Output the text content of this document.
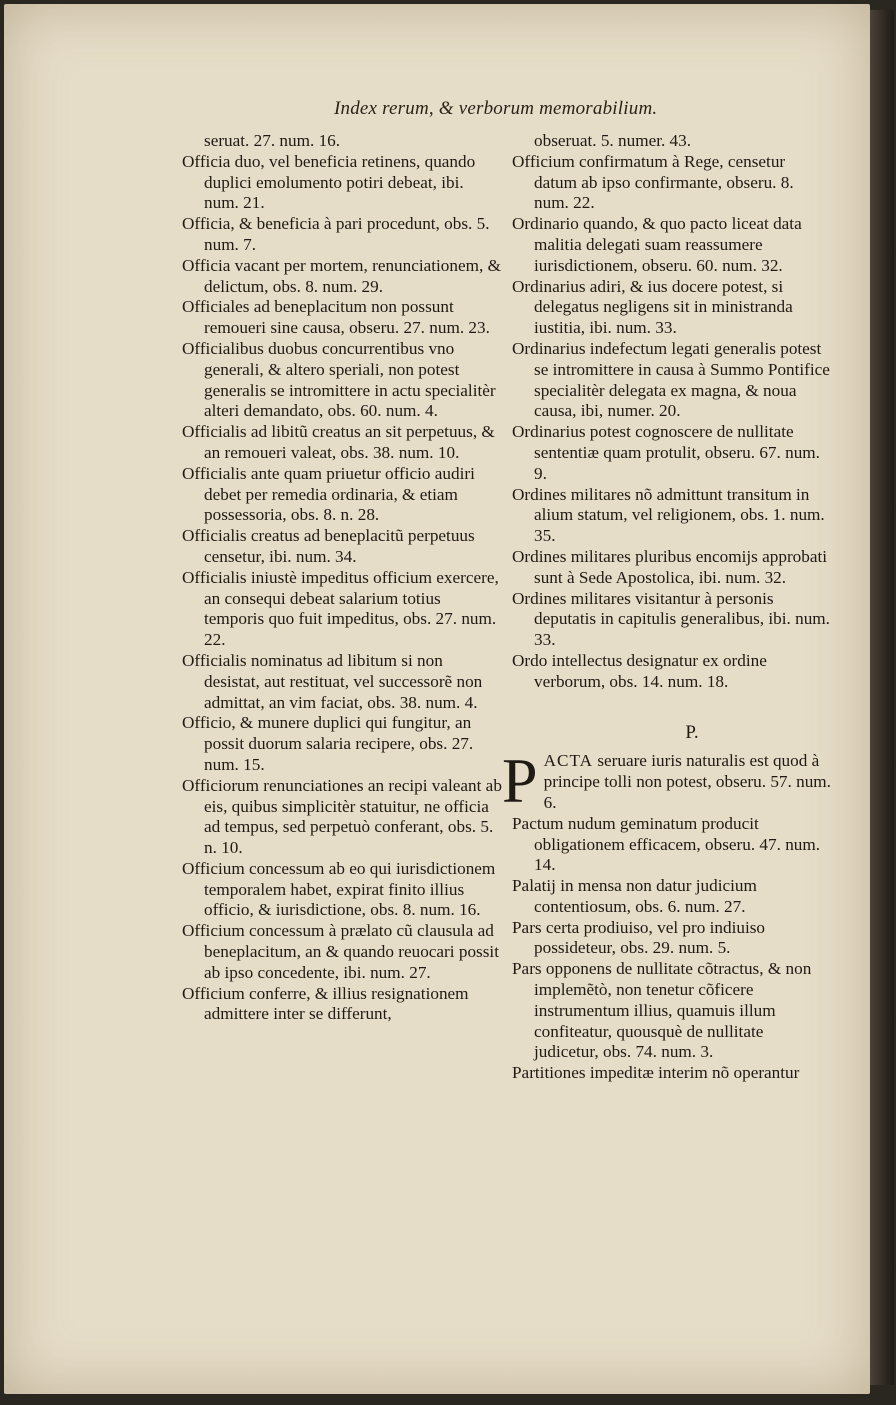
Index rerum, & verborum memorabilium.

seruat. 27. num. 16.

Officia duo, vel beneficia retinens, quando duplici emolumento potiri debeat, ibi. num. 21.

Officia, & beneficia à pari procedunt, obs. 5. num. 7.

Officia vacant per mortem, renunciationem, & delictum, obs. 8. num. 29.

Officiales ad beneplacitum non possunt remoueri sine causa, obseru. 27. num. 23.

Officialibus duobus concurrentibus vno generali, & altero speriali, non potest generalis se intromittere in actu specialitèr alteri demandato, obs. 60. num. 4.

Officialis ad libitũ creatus an sit perpetuus, & an remoueri valeat, obs. 38. num. 10.

Officialis ante quam priuetur officio audiri debet per remedia ordinaria, & etiam possessoria, obs. 8. n. 28.

Officialis creatus ad beneplacitũ perpetuus censetur, ibi. num. 34.

Officialis iniustè impeditus officium exercere, an consequi debeat salarium totius temporis quo fuit impeditus, obs. 27. num. 22.

Officialis nominatus ad libitum si non desistat, aut restituat, vel successorẽ non admittat, an vim faciat, obs. 38. num. 4.

Officio, & munere duplici qui fungitur, an possit duorum salaria recipere, obs. 27. num. 15.

Officiorum renunciationes an recipi valeant ab eis, quibus simplicitèr statuitur, ne officia ad tempus, sed perpetuò conferant, obs. 5. n. 10.

Officium concessum ab eo qui iurisdictionem temporalem habet, expirat finito illius officio, & iurisdictione, obs. 8. num. 16.

Officium concessum à prælato cũ clausula ad beneplacitum, an & quando reuocari possit ab ipso concedente, ibi. num. 27.

Officium conferre, & illius resignationem admittere inter se differunt,

obseruat. 5. numer. 43.

Officium confirmatum à Rege, censetur datum ab ipso confirmante, obseru. 8. num. 22.

Ordinario quando, & quo pacto liceat data malitia delegati suam reassumere iurisdictionem, obseru. 60. num. 32.

Ordinarius adiri, & ius docere potest, si delegatus negligens sit in ministranda iustitia, ibi. num. 33.

Ordinarius indefectum legati generalis potest se intromittere in causa à Summo Pontifice specialitèr delegata ex magna, & noua causa, ibi, numer. 20.

Ordinarius potest cognoscere de nullitate sententiæ quam protulit, obseru. 67. num. 9.

Ordines militares nõ admittunt transitum in alium statum, vel religionem, obs. 1. num. 35.

Ordines militares pluribus encomijs approbati sunt à Sede Apostolica, ibi. num. 32.

Ordines militares visitantur à personis deputatis in capitulis generalibus, ibi. num. 33.

Ordo intellectus designatur ex ordine verborum, obs. 14. num. 18.

P.

P ACTA seruare iuris naturalis est quod à principe tolli non potest, obseru. 57. num. 6.

Pactum nudum geminatum producit obligationem efficacem, obseru. 47. num. 14.

Palatij in mensa non datur judicium contentiosum, obs. 6. num. 27.

Pars certa prodiuiso, vel pro indiuiso possideteur, obs. 29. num. 5.

Pars opponens de nullitate cõtractus, & non implemẽtò, non tenetur cõficere instrumentum illius, quamuis illum confiteatur, quousquè de nullitate judicetur, obs. 74. num. 3.

Partitiones impeditæ interim nõ operantur
